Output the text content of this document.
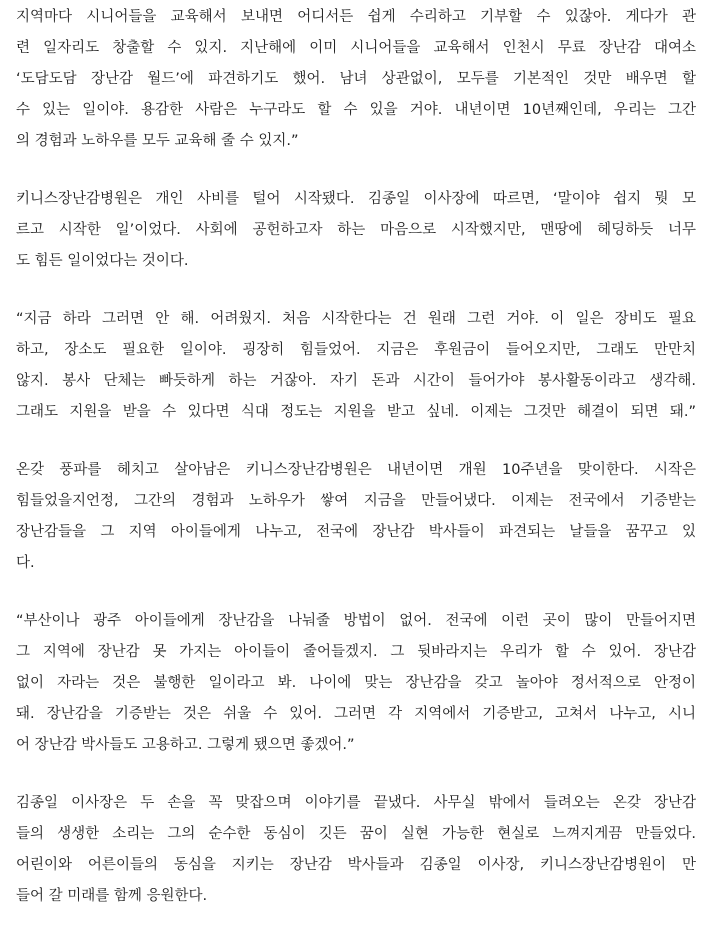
지역마다 시니어들을 교육해서 보내면 어디서든 쉽게 수리하고 기부할 수 있잖아. 게다가 관
련 일자리도 창출할 수 있지. 지난해에 이미 시니어들을 교육해서 인천시 무료 장난감 대여소
‘도담도담 장난감 월드’에 파견하기도 했어. 남녀 상관없이, 모두를 기본적인 것만 배우면 할
수 있는 일이야. 용감한 사람은 누구라도 할 수 있을 거야. 내년이면 10년째인데, 우리는 그간
의 경험과 노하우를 모두 교육해 줄 수 있지.”
키니스장난감병원은 개인 사비를 털어 시작됐다. 김종일 이사장에 따르면, ‘말이야 쉽지 뭣 모
르고 시작한 일’이었다. 사회에 공헌하고자 하는 마음으로 시작했지만, 맨땅에 헤딩하듯 너무
도 힘든 일이었다는 것이다.
“지금 하라 그러면 안 해. 어려웠지. 처음 시작한다는 건 원래 그런 거야. 이 일은 장비도 필요
하고, 장소도 필요한 일이야. 굉장히 힘들었어. 지금은 후원금이 들어오지만, 그래도 만만치
않지. 봉사 단체는 빠듯하게 하는 거잖아. 자기 돈과 시간이 들어가야 봉사활동이라고 생각해.
그래도 지원을 받을 수 있다면 식대 정도는 지원을 받고 싶네. 이제는 그것만 해결이 되면 돼.”
온갖 풍파를 헤치고 살아남은 키니스장난감병원은 내년이면 개원 10주년을 맞이한다. 시작은
힘들었을지언정, 그간의 경험과 노하우가 쌓여 지금을 만들어냈다. 이제는 전국에서 기증받는
장난감들을 그 지역 아이들에게 나누고, 전국에 장난감 박사들이 파견되는 날들을 꿈꾸고 있
다.
“부산이나 광주 아이들에게 장난감을 나눠줄 방법이 없어. 전국에 이런 곳이 많이 만들어지면
그 지역에 장난감 못 가지는 아이들이 줄어들겠지. 그 뒷바라지는 우리가 할 수 있어. 장난감
없이 자라는 것은 불행한 일이라고 봐. 나이에 맞는 장난감을 갖고 놀아야 정서적으로 안정이
돼. 장난감을 기증받는 것은 쉬울 수 있어. 그러면 각 지역에서 기증받고, 고쳐서 나누고, 시니
어 장난감 박사들도 고용하고. 그렇게 됐으면 좋겠어.”
김종일 이사장은 두 손을 꼭 맞잡으며 이야기를 끝냈다. 사무실 밖에서 들려오는 온갖 장난감
들의 생생한 소리는 그의 순수한 동심이 깃든 꿈이 실현 가능한 현실로 느껴지게끔 만들었다.
어린이와 어른이들의 동심을 지키는 장난감 박사들과 김종일 이사장, 키니스장난감병원이 만
들어 갈 미래를 함께 응원한다.
